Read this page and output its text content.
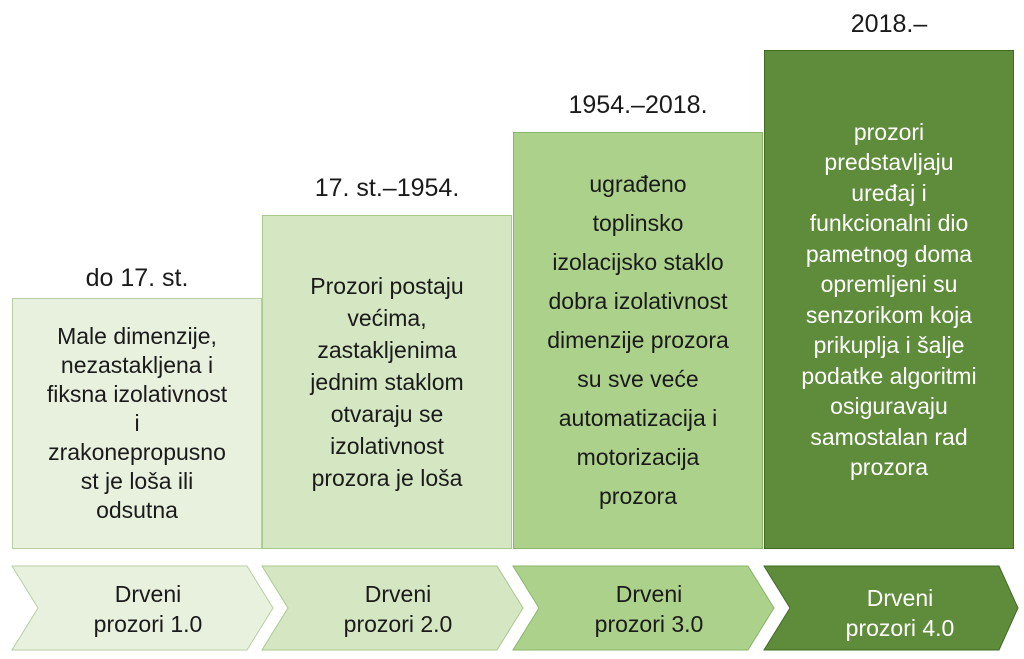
do 17. st.
Male dimenzije,
nezastakljena i
fiksna izolativnost
i
zrakonepropusno
st je loša ili
odsutna
Drveni
prozori 1.0
17. st.–1954.
Prozori postaju
većima,
zastakljenima
jednim staklom
otvaraju se
izolativnost
prozora je loša
Drveni
prozori 2.0
1954.–2018.
ugrađeno
toplinsko
izolacijsko staklo
dobra izolativnost
dimenzije prozora
su sve veće
automatizacija i
motorizacija
prozora
Drveni
prozori 3.0
2018.–
prozori
predstavljaju
uređaj i
funkcionalni dio
pametnog doma
opremljeni su
senzorikom koja
prikuplja i šalje
podatke algoritmi
osiguravaju
samostalan rad
prozora
Drveni
prozori 4.0
